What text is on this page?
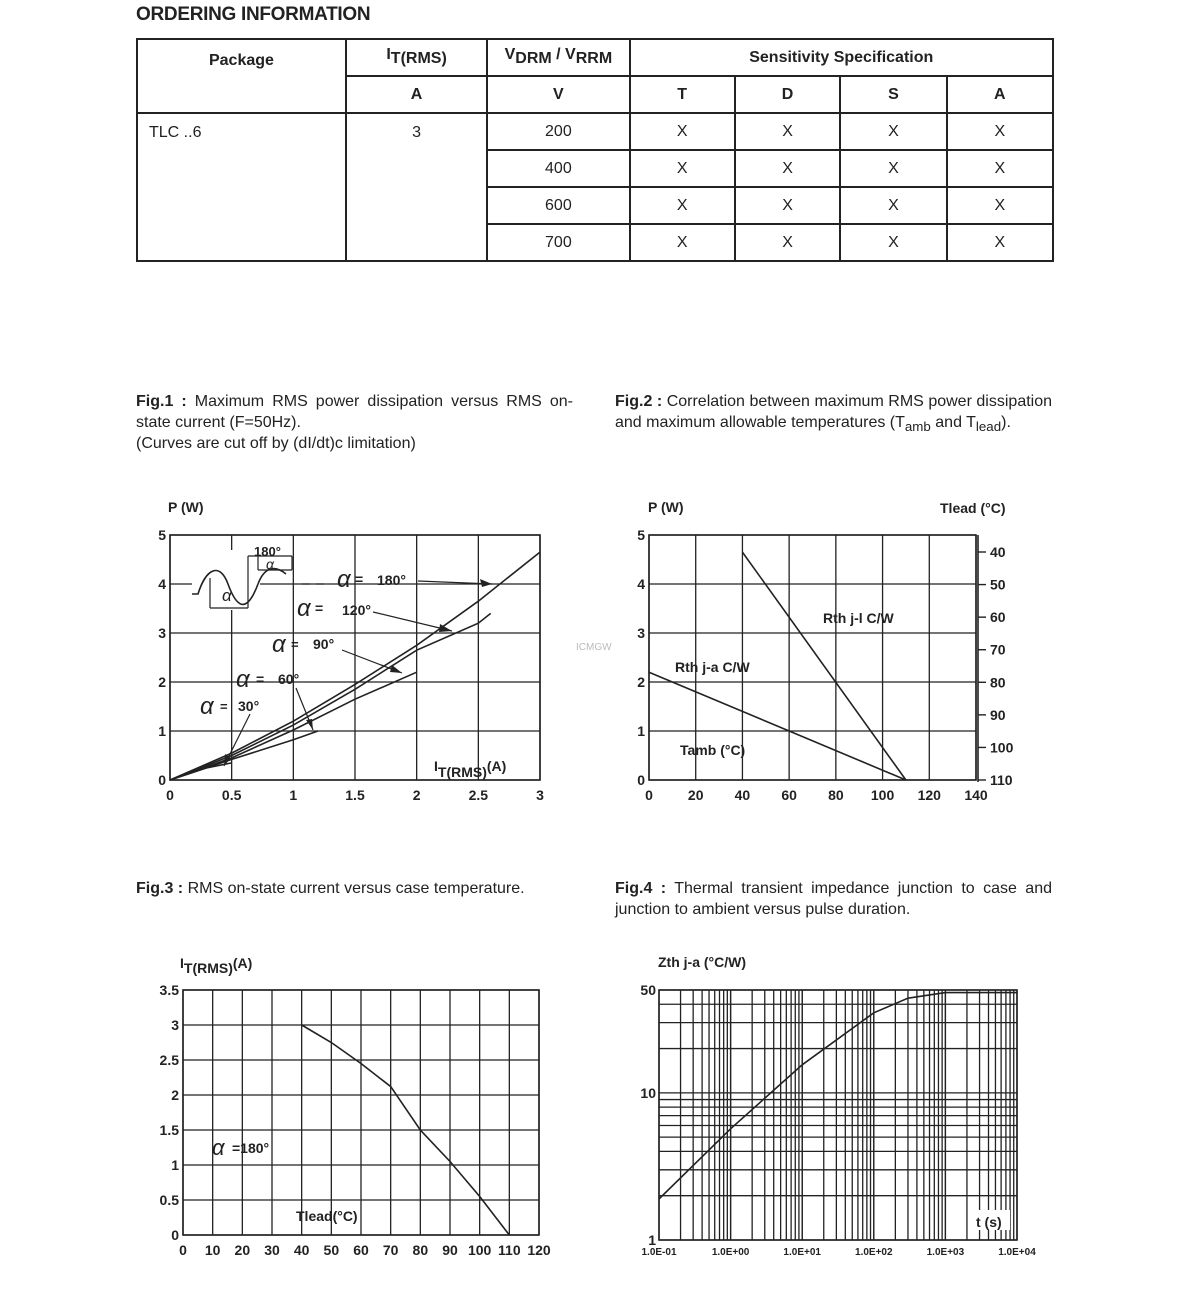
ORDERING INFORMATION
Package	$I_{T(RMS)}$	$V_{DRM} / V_{RRM}$	Sensitivity Specification			
	A	V	T	D	S	A
TLC ..6	3	200	X	X	X	X
		400	X	X	X	X
		600	X	X	X	X
		700	X	X	X	X
Fig.1 : Maximum RMS power dissipation versus RMS on-state current (F=50Hz).
(Curves are cut off by (dI/dt)c limitation)
Fig.2 : Correlation between maximum RMS power dissipation and maximum allowable temperatures ($T_{amb}$ and $T_{lead}$).
Fig.3 : RMS on-state current versus case temperature.	Fig.4 : Thermal transient impedance junction to case and junction to ambient versus pulse duration.
0	0.5	1	1.5	2	2.5	3
0
1
2
3
4
5
P (W)
IT(RMS)(A)
180°
α
α
α = 180°
α = 120°
α = 90°
α = 60°
α = 30°
ICMGW
0	20 40 60 80 100 120 140
0
1
2
3
4
5
40
50
60
70
80
90
100
110
P (W)	Tlead (°C)
Rth j-l C/W
Rth j-a C/W
Tamb (°C)
0 10 20 30 40 50 60 70 80 90 100 110 120
0
0.5
1
1.5
2
2.5
3
3.5
IT(RMS)(A)
α =180°
Tlead(°C)
1.0E-01	1.0E+00	1.0E+01	1.0E+02	1.0E+03	1.0E+04
1
10
50
Zth j-a (°C/W)
t (s)
